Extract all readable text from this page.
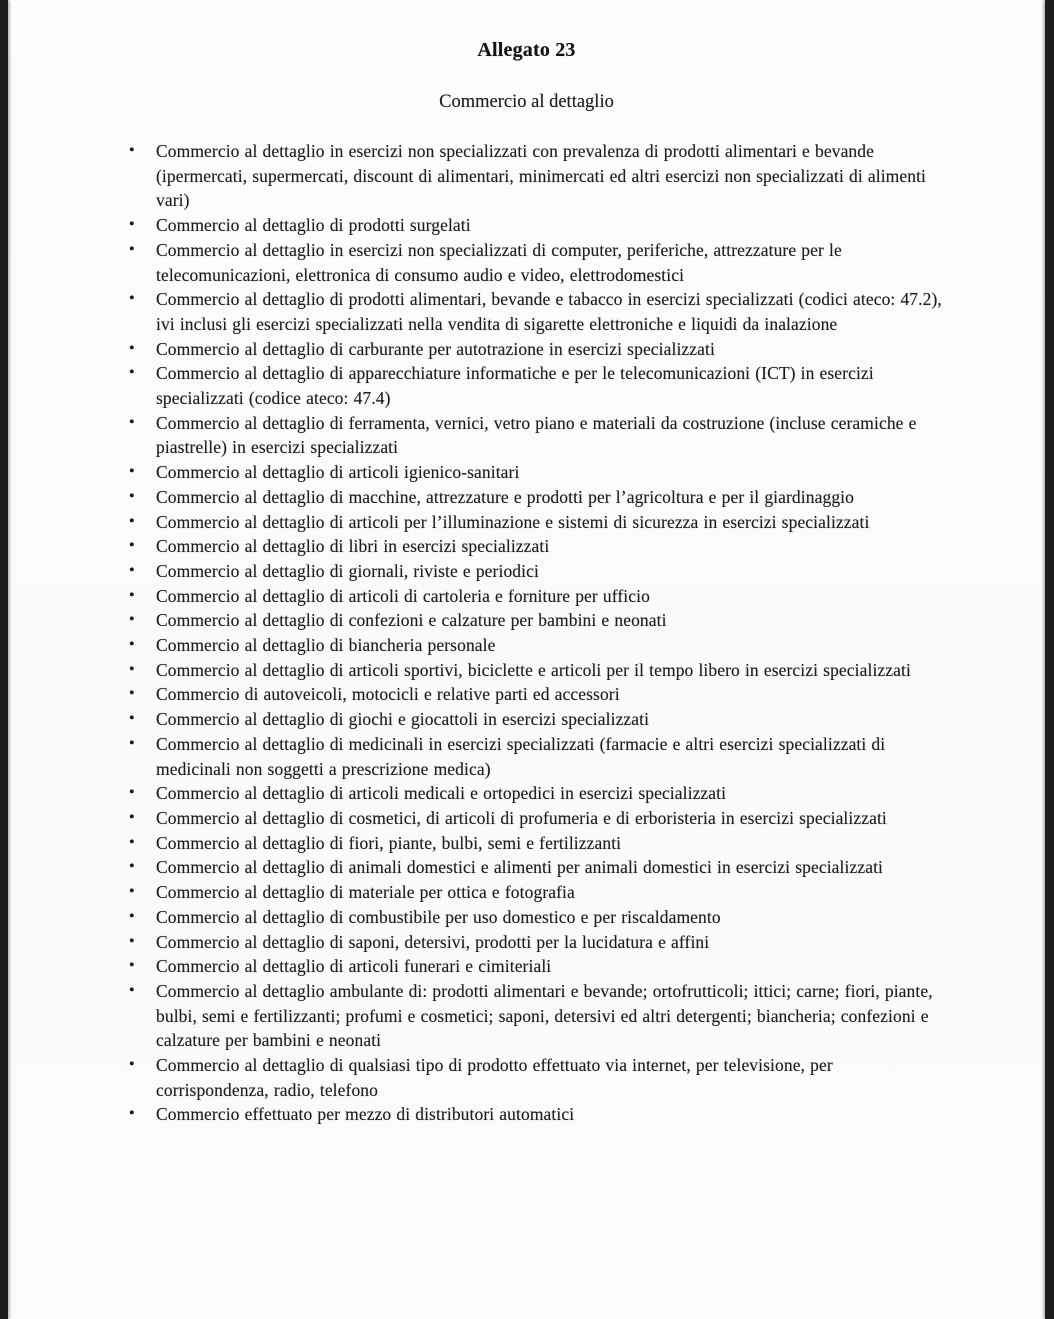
Allegato 23
Commercio al dettaglio
•	Commercio al dettaglio in esercizi non specializzati con prevalenza di prodotti alimentari e bevande (ipermercati, supermercati, discount di alimentari, minimercati ed altri esercizi non specializzati di alimenti vari)
•	Commercio al dettaglio di prodotti surgelati
•	Commercio al dettaglio in esercizi non specializzati di computer, periferiche, attrezzature per le telecomunicazioni, elettronica di consumo audio e video, elettrodomestici
•	Commercio al dettaglio di prodotti alimentari, bevande e tabacco in esercizi specializzati (codici ateco: 47.2), ivi inclusi gli esercizi specializzati nella vendita di sigarette elettroniche e liquidi da inalazione
•	Commercio al dettaglio di carburante per autotrazione in esercizi specializzati
•	Commercio al dettaglio di apparecchiature informatiche e per le telecomunicazioni (ICT) in esercizi specializzati (codice ateco: 47.4)
•	Commercio al dettaglio di ferramenta, vernici, vetro piano e materiali da costruzione (incluse ceramiche e piastrelle) in esercizi specializzati
•	Commercio al dettaglio di articoli igienico-sanitari
•	Commercio al dettaglio di macchine, attrezzature e prodotti per l’agricoltura e per il giardinaggio
•	Commercio al dettaglio di articoli per l’illuminazione e sistemi di sicurezza in esercizi specializzati
•	Commercio al dettaglio di libri in esercizi specializzati
•	Commercio al dettaglio di giornali, riviste e periodici
•	Commercio al dettaglio di articoli di cartoleria e forniture per ufficio
•	Commercio al dettaglio di confezioni e calzature per bambini e neonati
•	Commercio al dettaglio di biancheria personale
•	Commercio al dettaglio di articoli sportivi, biciclette e articoli per il tempo libero in esercizi specializzati
•	Commercio di autoveicoli, motocicli e relative parti ed accessori
•	Commercio al dettaglio di giochi e giocattoli in esercizi specializzati
•	Commercio al dettaglio di medicinali in esercizi specializzati (farmacie e altri esercizi specializzati di medicinali non soggetti a prescrizione medica)
•	Commercio al dettaglio di articoli medicali e ortopedici in esercizi specializzati
•	Commercio al dettaglio di cosmetici, di articoli di profumeria e di erboristeria in esercizi specializzati
•	Commercio al dettaglio di fiori, piante, bulbi, semi e fertilizzanti
•	Commercio al dettaglio di animali domestici e alimenti per animali domestici in esercizi specializzati
•	Commercio al dettaglio di materiale per ottica e fotografia
•	Commercio al dettaglio di combustibile per uso domestico e per riscaldamento
•	Commercio al dettaglio di saponi, detersivi, prodotti per la lucidatura e affini
•	Commercio al dettaglio di articoli funerari e cimiteriali
•	Commercio al dettaglio ambulante di: prodotti alimentari e bevande; ortofrutticoli; ittici; carne; fiori, piante, bulbi, semi e fertilizzanti; profumi e cosmetici; saponi, detersivi ed altri detergenti; biancheria; confezioni e calzature per bambini e neonati
•	Commercio al dettaglio di qualsiasi tipo di prodotto effettuato via internet, per televisione, per corrispondenza, radio, telefono
•	Commercio effettuato per mezzo di distributori automatici
